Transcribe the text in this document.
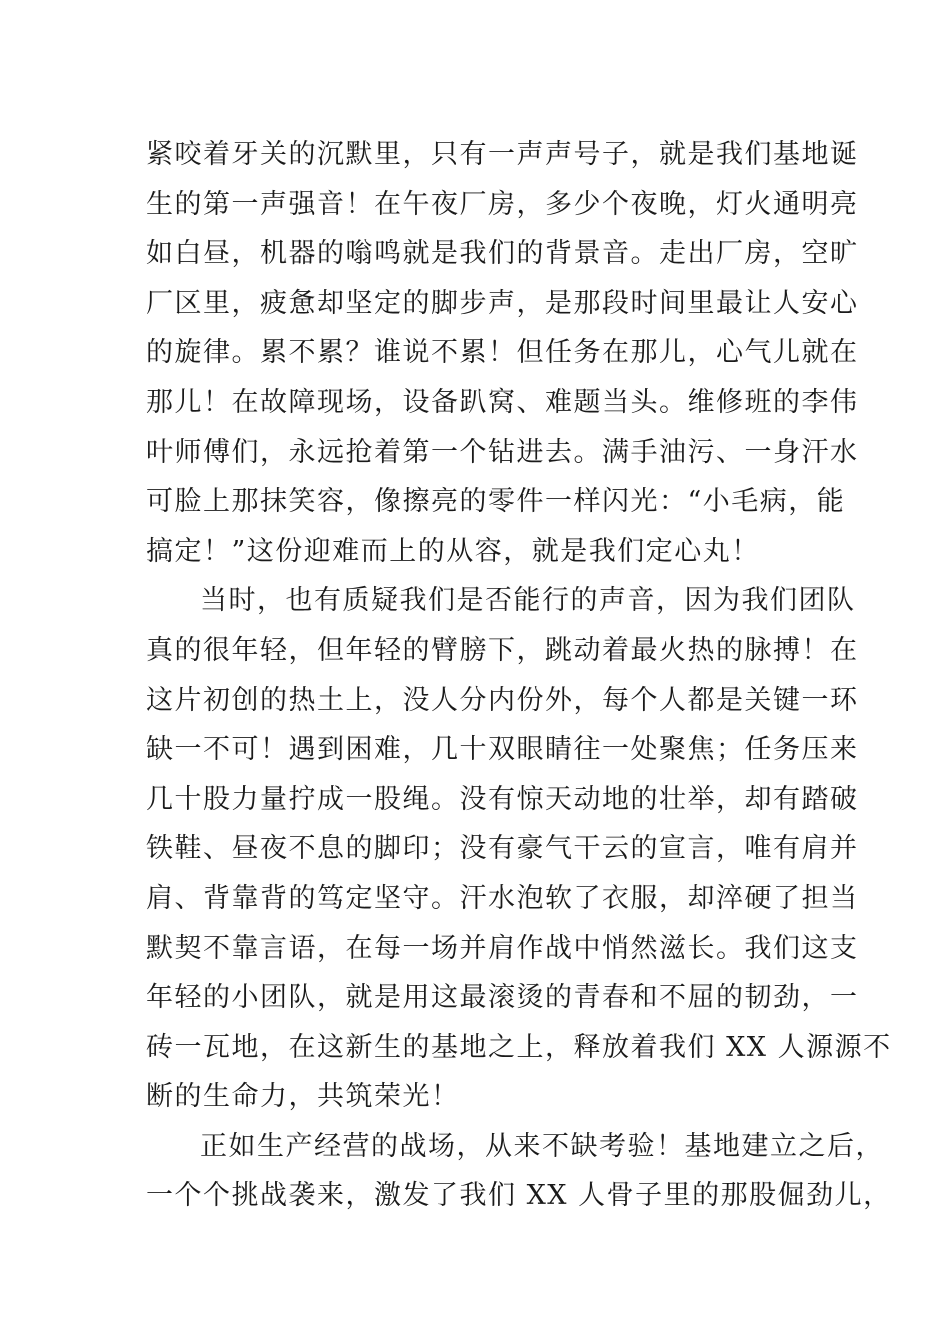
紧咬着牙关的沉默里，只有一声声号子，就是我们基地诞
生的第一声强音！在午夜厂房，多少个夜晚，灯火通明亮
如白昼，机器的嗡鸣就是我们的背景音。走出厂房，空旷
厂区里，疲惫却坚定的脚步声，是那段时间里最让人安心
的旋律。累不累？谁说不累！但任务在那儿，心气儿就在
那儿！在故障现场，设备趴窝、难题当头。维修班的李伟
叶师傅们，永远抢着第一个钻进去。满手油污、一身汗水
可脸上那抹笑容，像擦亮的零件一样闪光：“小毛病，能
搞定！”这份迎难而上的从容，就是我们定心丸！
当时，也有质疑我们是否能行的声音，因为我们团队
真的很年轻，但年轻的臂膀下，跳动着最火热的脉搏！在
这片初创的热土上，没人分内份外，每个人都是关键一环
缺一不可！遇到困难，几十双眼睛往一处聚焦；任务压来
几十股力量拧成一股绳。没有惊天动地的壮举，却有踏破
铁鞋、昼夜不息的脚印；没有豪气干云的宣言，唯有肩并
肩、背靠背的笃定坚守。汗水泡软了衣服，却淬硬了担当
默契不靠言语，在每一场并肩作战中悄然滋长。我们这支
年轻的小团队，就是用这最滚烫的青春和不屈的韧劲，一
砖一瓦地，在这新生的基地之上，释放着我们 XX 人源源不
断的生命力，共筑荣光！
正如生产经营的战场，从来不缺考验！基地建立之后，
一个个挑战袭来，激发了我们 XX 人骨子里的那股倔劲儿，
